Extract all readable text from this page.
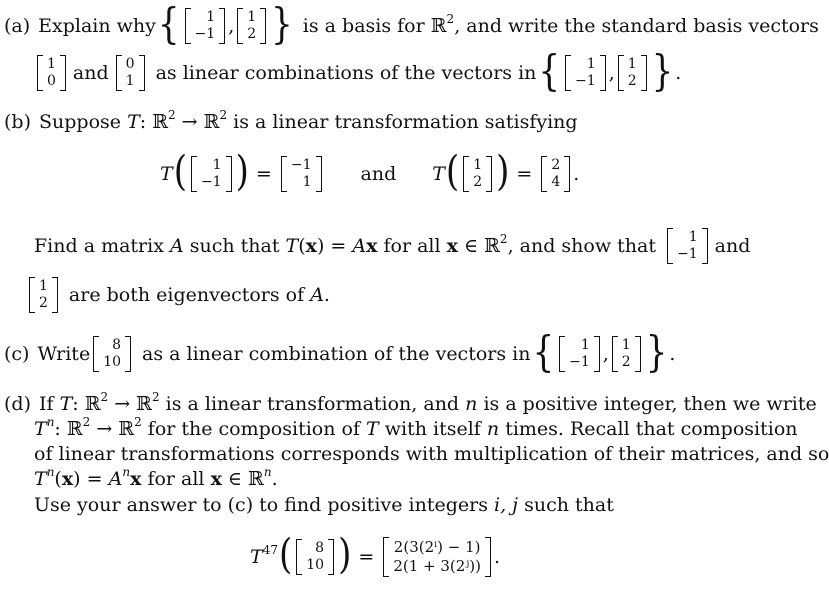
(a) Explain why {	1
−1 , 1
2 } is a basis for
ℝ$^2$ , and write the standard basis vectors
1
0 and 0
1 as linear combinations of the vectors in {	1
−1 , 1
2 } .
(b) Suppose
T : ℝ$^2$ → ℝ$^2$
is a linear transformation satisfying
T (	1
−1 ) = −1
1	and T ( 1
2 ) = 2
4 .
Find a matrix
A
such that
T ( x ) = A x
for all
x ∈ ℝ$^2$ , and show that	1
−1 and
1
2 are both eigenvectors of
A .
(c) Write	8
10 as a linear combination of the vectors in {	1
−1 , 1
2 } .
(d) If
T : ℝ$^2$ → ℝ$^2$
is a linear transformation, and
n
is a positive integer, then we write
T $^n$ : ℝ$^2$ → ℝ$^2$
for the composition of
T
with itself
n
times. Recall that composition
of linear transformations corresponds with multiplication of their matrices, and so
T $^n$ ( x ) = A $^n$ x
for all
x ∈ ℝ $^n$ .
Use your answer to (c) to find positive integers
i, j
such that
$T^{47}$ (	8
10 ) = 2(3(2ⁱ) − 1)
2(1 + 3(2ʲ)) .
